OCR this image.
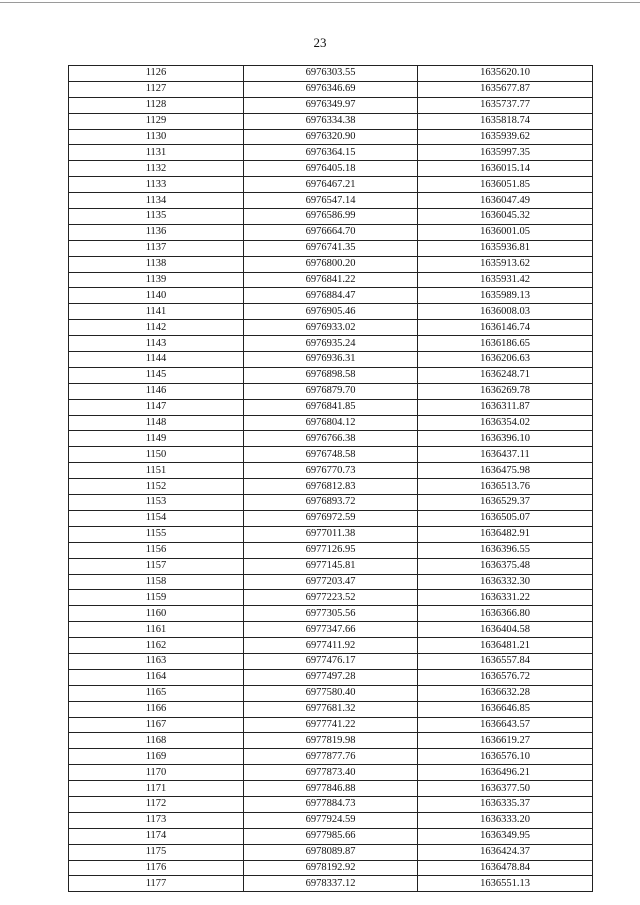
23
1126	6976303.55	1635620.10
1127	6976346.69	1635677.87
1128	6976349.97	1635737.77
1129	6976334.38	1635818.74
1130	6976320.90	1635939.62
1131	6976364.15	1635997.35
1132	6976405.18	1636015.14
1133	6976467.21	1636051.85
1134	6976547.14	1636047.49
1135	6976586.99	1636045.32
1136	6976664.70	1636001.05
1137	6976741.35	1635936.81
1138	6976800.20	1635913.62
1139	6976841.22	1635931.42
1140	6976884.47	1635989.13
1141	6976905.46	1636008.03
1142	6976933.02	1636146.74
1143	6976935.24	1636186.65
1144	6976936.31	1636206.63
1145	6976898.58	1636248.71
1146	6976879.70	1636269.78
1147	6976841.85	1636311.87
1148	6976804.12	1636354.02
1149	6976766.38	1636396.10
1150	6976748.58	1636437.11
1151	6976770.73	1636475.98
1152	6976812.83	1636513.76
1153	6976893.72	1636529.37
1154	6976972.59	1636505.07
1155	6977011.38	1636482.91
1156	6977126.95	1636396.55
1157	6977145.81	1636375.48
1158	6977203.47	1636332.30
1159	6977223.52	1636331.22
1160	6977305.56	1636366.80
1161	6977347.66	1636404.58
1162	6977411.92	1636481.21
1163	6977476.17	1636557.84
1164	6977497.28	1636576.72
1165	6977580.40	1636632.28
1166	6977681.32	1636646.85
1167	6977741.22	1636643.57
1168	6977819.98	1636619.27
1169	6977877.76	1636576.10
1170	6977873.40	1636496.21
1171	6977846.88	1636377.50
1172	6977884.73	1636335.37
1173	6977924.59	1636333.20
1174	6977985.66	1636349.95
1175	6978089.87	1636424.37
1176	6978192.92	1636478.84
1177	6978337.12	1636551.13
